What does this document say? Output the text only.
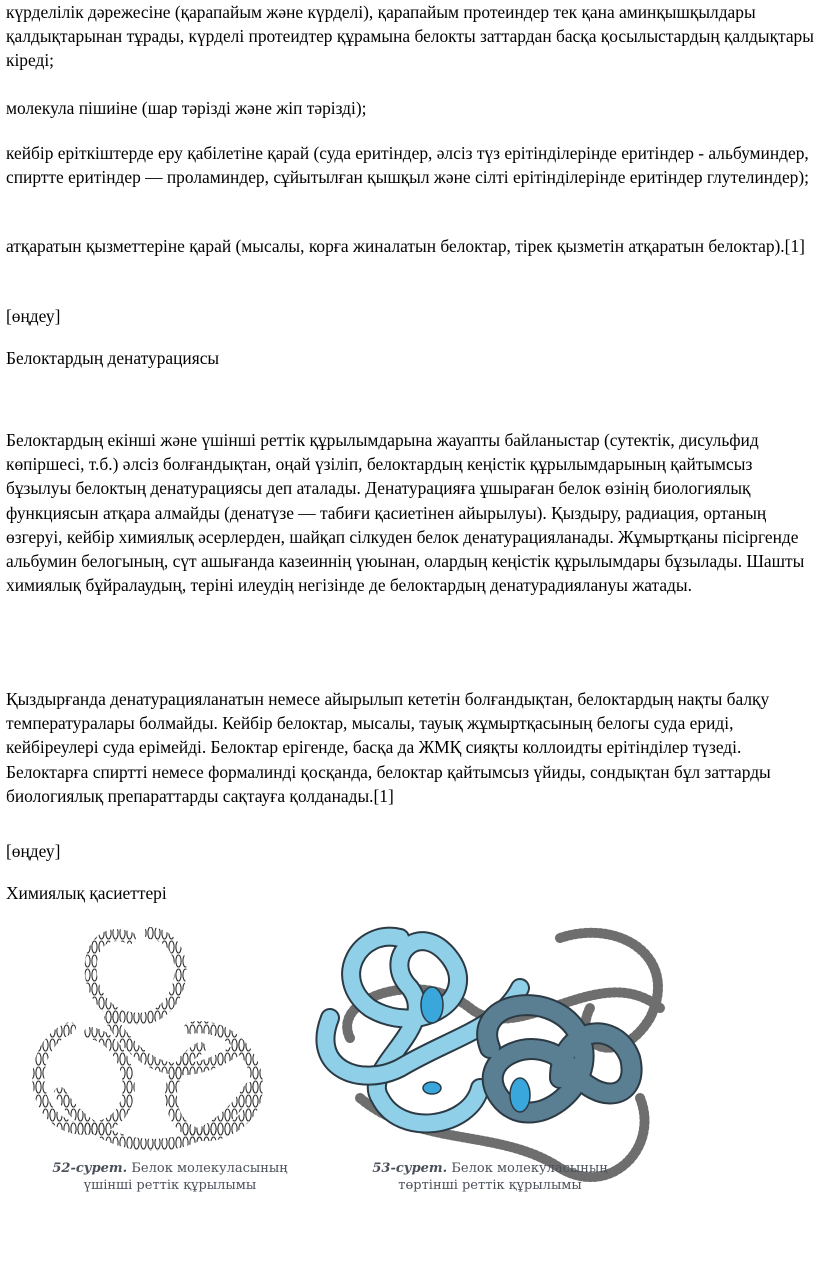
күрделілік дәрежесіне (қарапайым және күрделі), қарапайым протеиндер тек қана аминқышқылдары қалдықтарынан тұрады, күрделі протеидтер құрамына белокты заттардан басқа қосылыстардың қалдықтары кіреді;

молекула пішиіне (шар тәрізді және жіп тәрізді);

кейбір еріткіштерде еру қабілетіне қарай (суда еритіндер, әлсіз түз ерітінділерінде еритіндер - альбуминдер, спиртте еритіндер — проламиндер, сұйытылған қышқыл және сілті ерітінділерінде еритіндер глутелиндер);

атқаратын қызметтеріне қарай (мысалы, корға жиналатын белоктар, тірек қызметін атқаратын белоктар).[1]

[өңдеу]

Белоктардың денатурациясы

Белоктардың екінші және үшінші реттік құрылымдарына жауапты байланыстар (сутектік, дисульфид көпіршесі, т.б.) әлсіз болғандықтан, оңай үзіліп, белоктардың кеңістік құрылымдарының қайтымсыз бұзылуы белоктың денатурациясы деп аталады. Денатурацияға ұшыраған белок өзінің биологиялық функциясын атқара алмайды (денатүзе — табиғи қасиетінен айырылуы). Қыздыру, радиация, ортаның өзгеруі, кейбір химиялық әсерлерден, шайқап сілкуден белок денатурацияланады. Жұмыртқаны пісіргенде альбумин белогының, сүт ашығанда казеиннің үюынан, олардың кеңістік құрылымдары бұзылады. Шашты химиялық бұйралаудың, теріні илеудің негізінде де белоктардың денатурадиялануы жатады.

Қыздырғанда денатурацияланатын немесе айырылып кететін болғандықтан, белоктардың нақты балқу температуралары болмайды. Кейбір белоктар, мысалы, тауық жұмыртқасының белогы суда ериді, кейбіреулері суда ерімейді. Белоктар ерігенде, басқа да ЖМҚ сияқты коллоидты ерітінділер түзеді. Белоктарға спиртті немесе формалинді қосқанда, белоктар қайтымсыз үйиды, сондықтан бұл заттарды биологиялық препараттарды сақтауға қолданады.[1]

[өңдеу]

Химиялық қасиеттері

52-сурет. Белок молекуласының
үшінші реттік құрылымы
53-сурет. Белок молекуласының
төртінші реттік құрылымы
